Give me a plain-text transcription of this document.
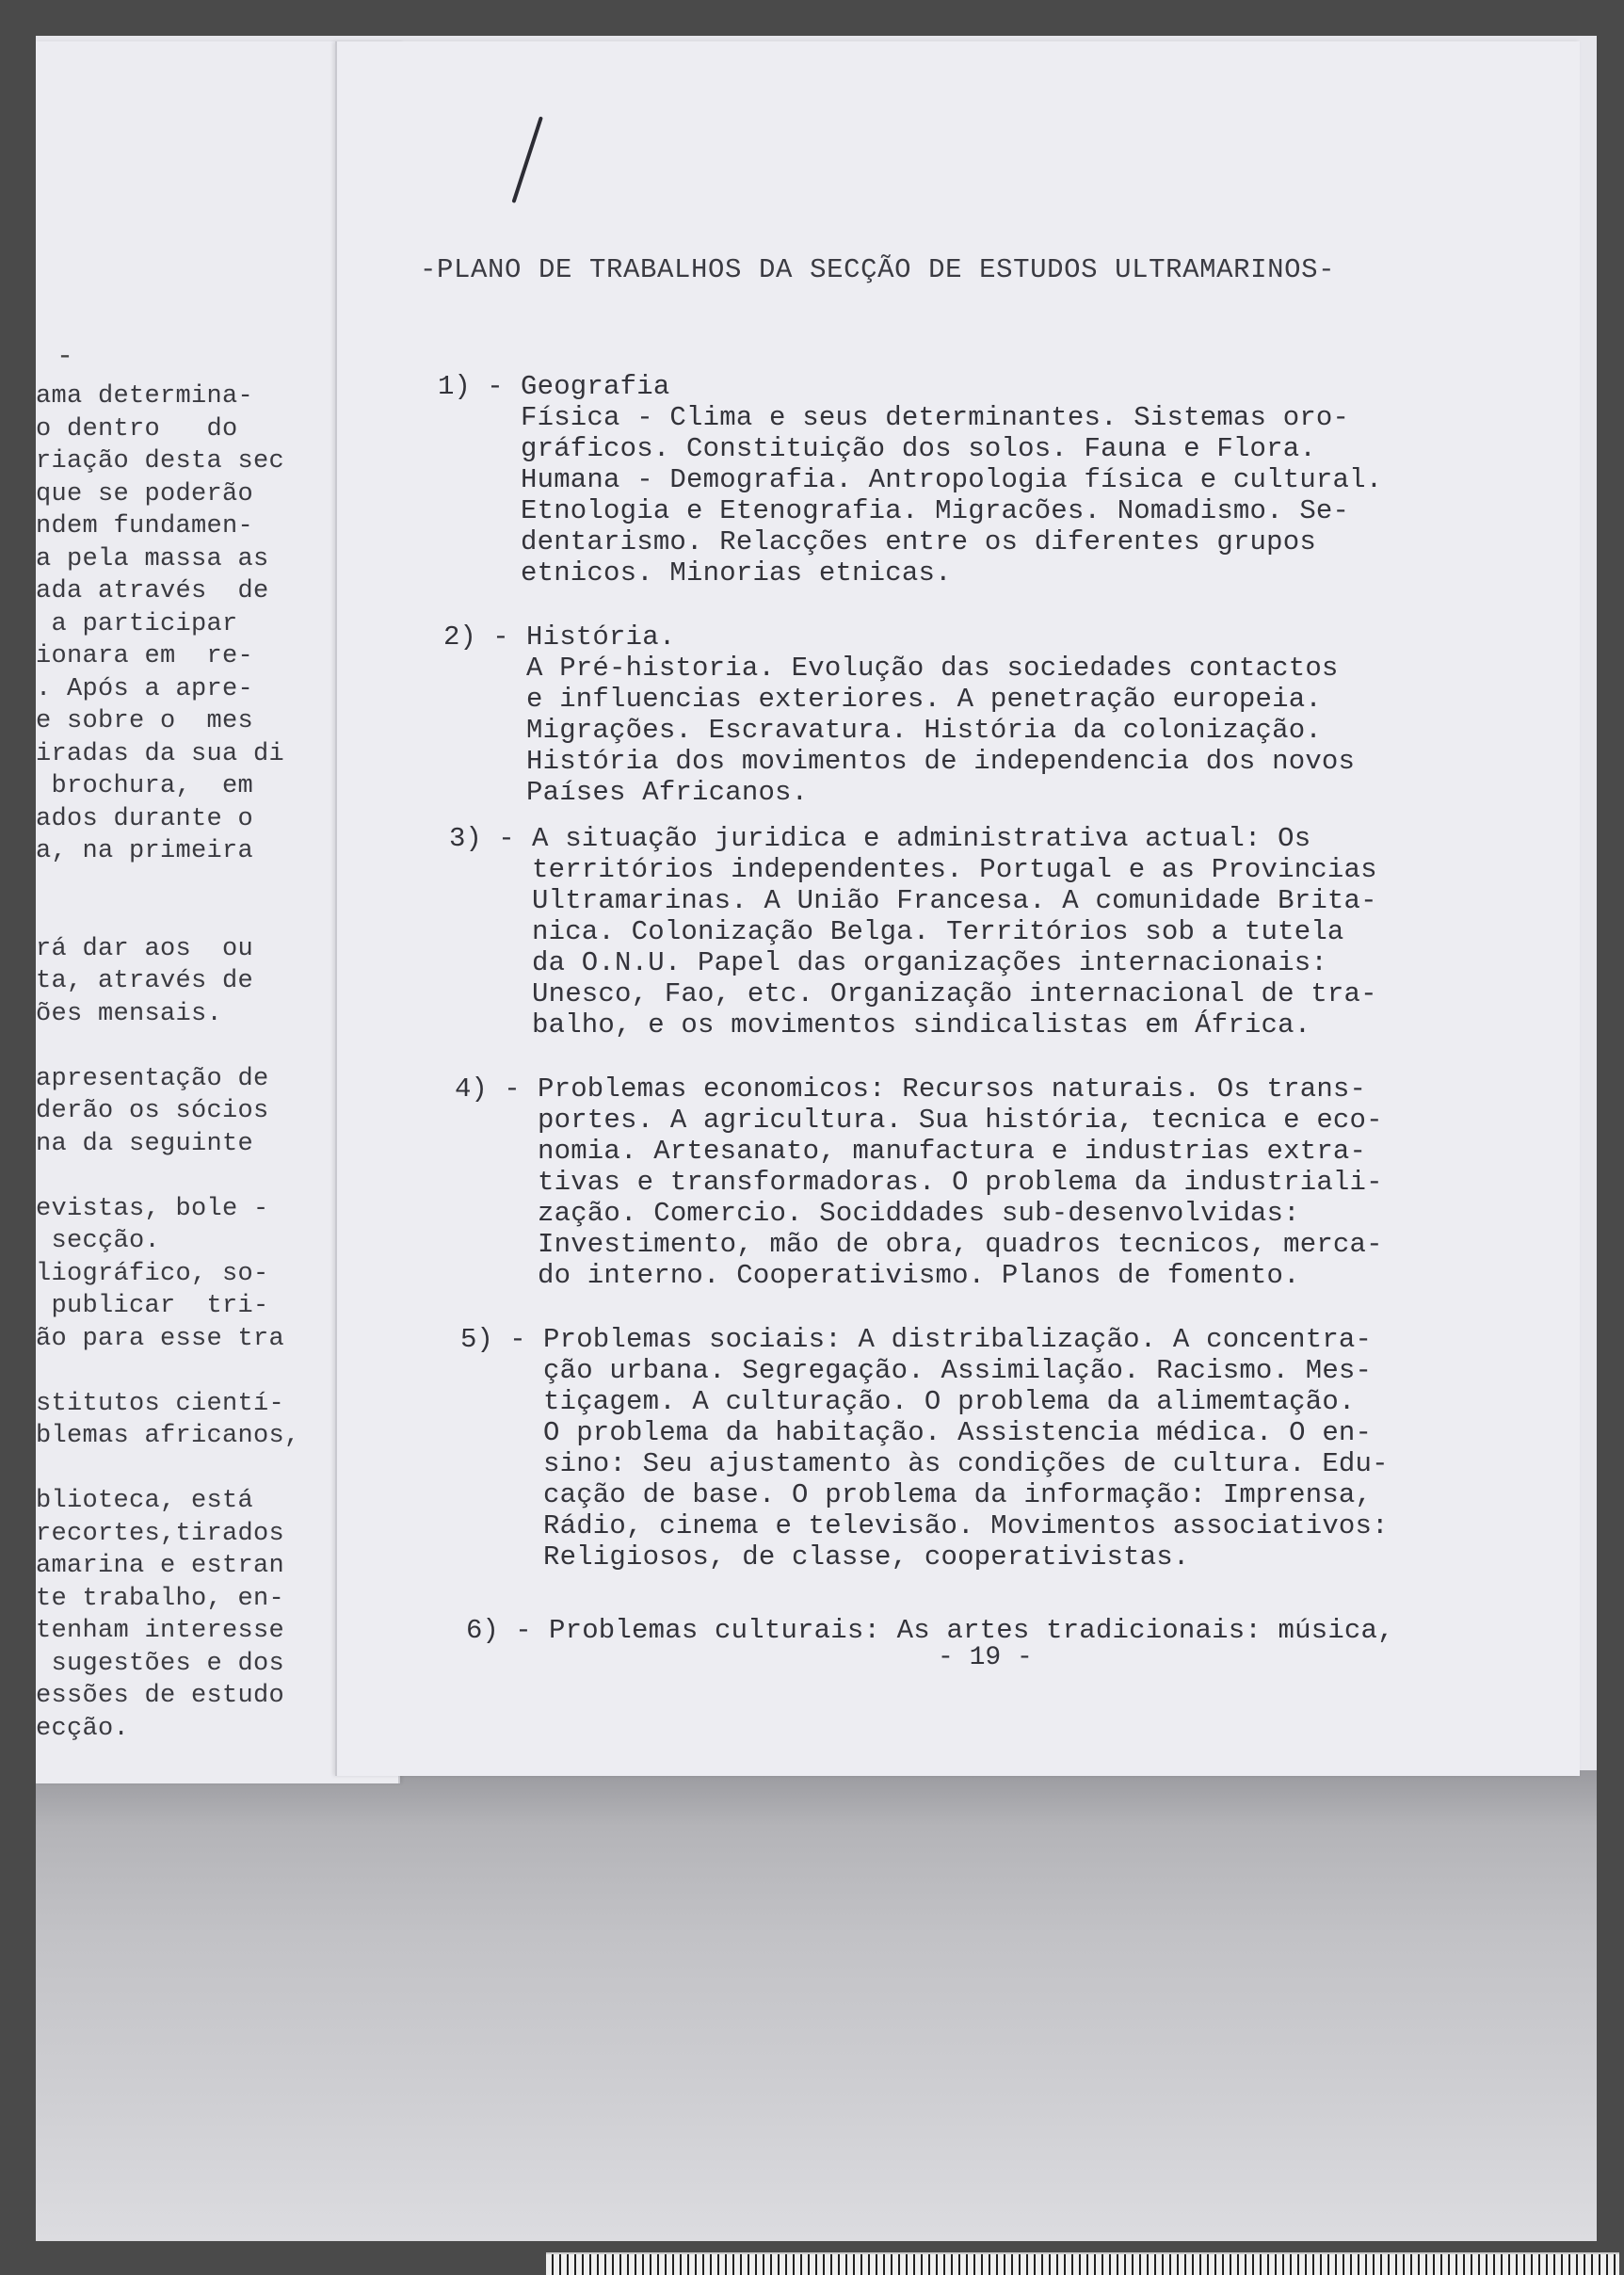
-
ama determina-
o dentro   do
riação desta sec
que se poderão
ndem fundamen-
a pela massa as
ada através  de
a participar
ionara em  re-
. Após a apre-
e sobre o  mes
iradas da sua di
brochura,  em
ados durante o
a, na primeira

rá dar aos  ou
ta, através de
ões mensais.

apresentação de
derão os sócios
na da seguinte

evistas, bole -
secção.
liográfico, so-
publicar  tri-
ão para esse tra

stitutos cientí-
blemas africanos,

blioteca, está
recortes,tirados
amarina e estran
te trabalho, en-
tenham interesse
sugestões e dos
essões de estudo
ecção.
-PLANO DE TRABALHOS DA SECÇÃO DE ESTUDOS ULTRAMARINOS-
1) - Geografia
Física - Clima e seus determinantes. Sistemas oro-
gráficos. Constituição dos solos. Fauna e Flora.
Humana - Demografia. Antropologia física e cultural.
Etnologia e Etenografia. Migracões. Nomadismo. Se-
dentarismo. Relacções entre os diferentes grupos
etnicos. Minorias etnicas.
2) - História.
A Pré-historia. Evolução das sociedades contactos
e influencias exteriores. A penetração europeia.
Migrações. Escravatura. História da colonização.
História dos movimentos de independencia dos novos
Países Africanos.
3) - A situação juridica e administrativa actual: Os
territórios independentes. Portugal e as Provincias
Ultramarinas. A União Francesa. A comunidade Brita-
nica. Colonização Belga. Territórios sob a tutela
da O.N.U. Papel das organizações internacionais:
Unesco, Fao, etc. Organização internacional de tra-
balho, e os movimentos sindicalistas em África.
4) - Problemas economicos: Recursos naturais. Os trans-
portes. A agricultura. Sua história, tecnica e eco-
nomia. Artesanato, manufactura e industrias extra-
tivas e transformadoras. O problema da industriali-
zação. Comercio. Sociddades sub-desenvolvidas:
Investimento, mão de obra, quadros tecnicos, merca-
do interno. Cooperativismo. Planos de fomento.
5) - Problemas sociais: A distribalização. A concentra-
ção urbana. Segregação. Assimilação. Racismo. Mes-
tiçagem. A culturação. O problema da alimemtação.
O problema da habitação. Assistencia médica. O en-
sino: Seu ajustamento às condições de cultura. Edu-
cação de base. O problema da informação: Imprensa,
Rádio, cinema e televisão. Movimentos associativos:
Religiosos, de classe, cooperativistas.
6) - Problemas culturais: As artes tradicionais: música,
- 19 -
